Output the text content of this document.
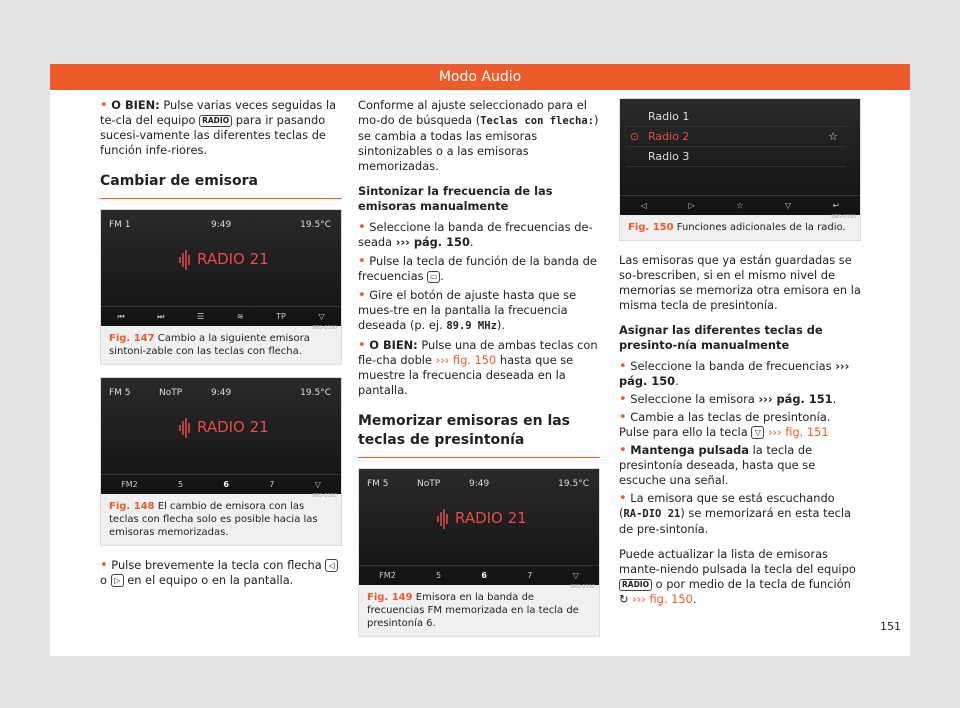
Modo Audio
• O BIEN: Pulse varias veces seguidas la te-cla del equipo RADIO para ir pasando sucesi-vamente las diferentes teclas de función infe-riores.
Cambiar de emisora
FM 1	9:49	19.5°C
RADIO 21
⏮	⏭	☰	≋	TP	▽
BRS-0190
Fig. 147 Cambio a la siguiente emisora sintoni-zable con las teclas con flecha.
FM 5	NoTP	9:49	19.5°C
RADIO 21
FM2	5	6	7	▽
BRS-0192
Fig. 148 El cambio de emisora con las teclas con flecha solo es posible hacia las emisoras memorizadas.
• Pulse brevemente la tecla con flecha ◁ o ▷ en el equipo o en la pantalla.
Conforme al ajuste seleccionado para el mo-do de búsqueda (Teclas con flecha:) se cambia a todas las emisoras sintonizables o a las emisoras memorizadas.
Sintonizar la frecuencia de las emisoras manualmente
• Seleccione la banda de frecuencias de-seada ››› pág. 150.
• Pulse la tecla de función de la banda de frecuencias ▭ .
• Gire el botón de ajuste hasta que se mues-tre en la pantalla la frecuencia deseada (p. ej. 89.9 MHz).
• O BIEN: Pulse una de ambas teclas con fle-cha doble ››› fig. 150 hasta que se muestre la frecuencia deseada en la pantalla.
Memorizar emisoras en las teclas de presintonía
FM 5	NoTP	9:49	19.5°C
RADIO 21
FM2	5	6	7	▽
BRS-0192
Fig. 149 Emisora en la banda de frecuencias FM memorizada en la tecla de presintonía 6.
Radio 1
⊙ Radio 2	☆
Radio 3
◁	▷	☆	▽	↩
BRS-0193
Fig. 150 Funciones adicionales de la radio.
Las emisoras que ya están guardadas se so-brescriben, si en el mismo nivel de memorias se memoriza otra emisora en la misma tecla de presintonía.
Asignar las diferentes teclas de presinto-nía manualmente
• Seleccione la banda de frecuencias ››› pág. 150.
• Seleccione la emisora ››› pág. 151.
• Cambie a las teclas de presintonía. Pulse para ello la tecla ▽ ››› fig. 151
• Mantenga pulsada la tecla de presintonía deseada, hasta que se escuche una señal.
• La emisora que se está escuchando (RA-DIO 21) se memorizará en esta tecla de pre-sintonía.
Puede actualizar la lista de emisoras mante-niendo pulsada la tecla del equipo RADIO o por medio de la tecla de función ↻ ››› fig. 150.
151
